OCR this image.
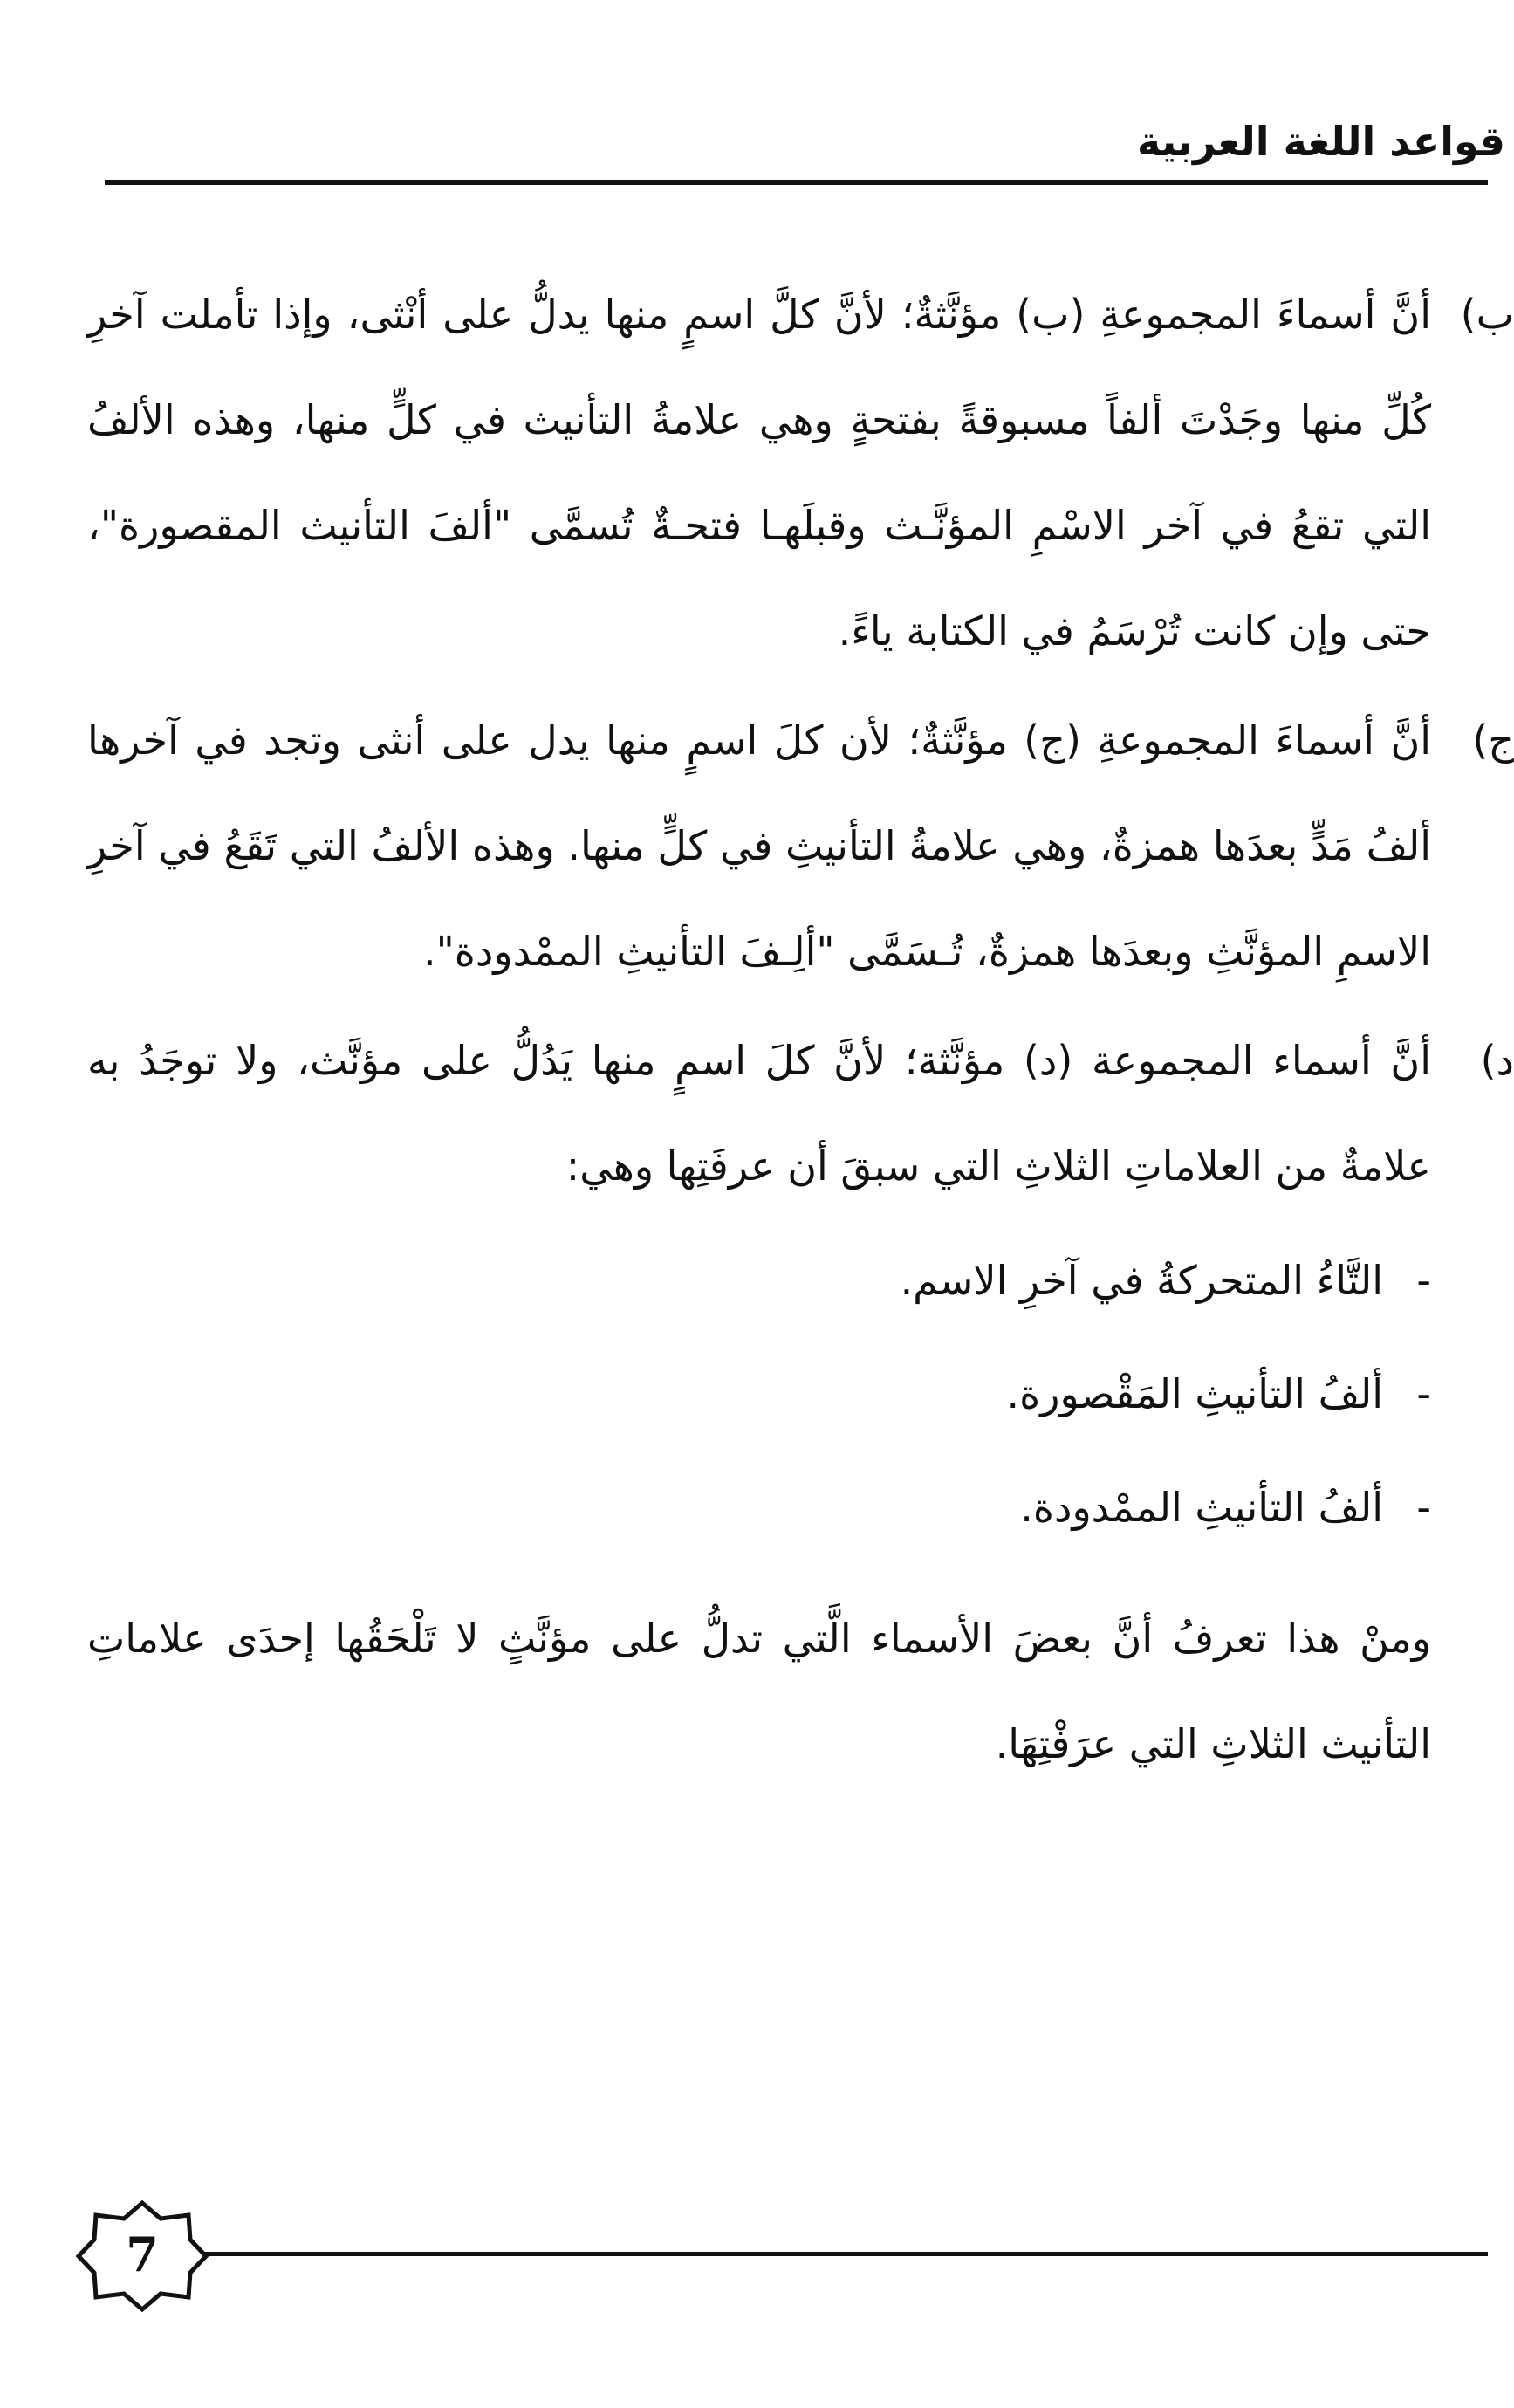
قواعد اللغة العربية
ب)
أنَّ أسماءَ المجموعةِ (ب) مؤنَّثةٌ؛ لأنَّ كلَّ اسمٍ منها يدلُّ على أنْثى، وإذا تأملت آخرِ كُلِّ منها وجَدْتَ ألفاً مسبوقةً بفتحةٍ وهي علامةُ التأنيث في كلٍّ منها، وهذه الألفُ التي تقعُ في آخر الاسْمِ المؤنَّـث وقبلَهـا فتحـةٌ تُسمَّى "ألفَ التأنيث المقصورة"، حتى وإن كانت تُرْسَمُ في الكتابة ياءً.
ج)
أنَّ أسماءَ المجموعةِ (ج) مؤنَّثةٌ؛ لأن كلَ اسمٍ منها يدل على أنثى وتجد في آخرها ألفُ مَدٍّ بعدَها همزةٌ، وهي علامةُ التأنيثِ في كلٍّ منها. وهذه الألفُ التي تَقَعُ في آخرِ الاسمِ المؤنَّثِ وبعدَها همزةٌ، تُـسَمَّى "ألِـفَ التأنيثِ الممْدودة".
د)
أنَّ أسماء المجموعة (د) مؤنَّثة؛ لأنَّ كلَ اسمٍ منها يَدُلُّ على مؤنَّث، ولا توجَدُ به علامةٌ من العلاماتِ الثلاثِ التي سبقَ أن عرفَتِها وهي:
-
التَّاءُ المتحركةُ في آخرِ الاسم.
-
ألفُ التأنيثِ المَقْصورة.
-
ألفُ التأنيثِ الممْدودة.
ومنْ هذا تعرفُ أنَّ بعضَ الأسماء الَّتي تدلُّ على مؤنَّثٍ لا تَلْحَقُها إحدَى علاماتِ التأنيث الثلاثِ التي عرَفْتِهَا.
7
